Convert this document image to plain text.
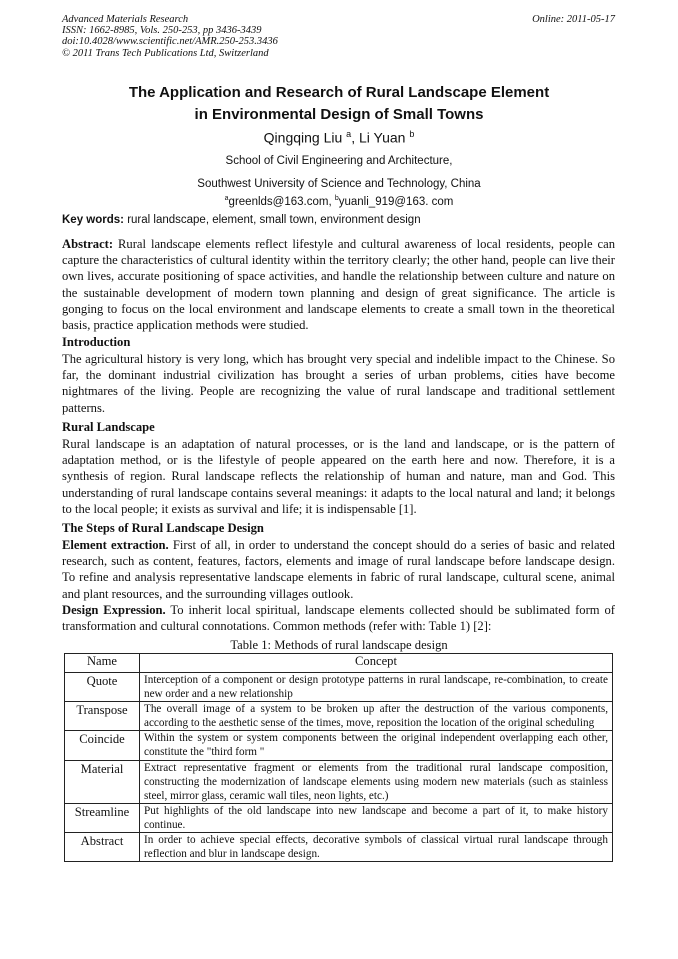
Advanced Materials Research
ISSN: 1662-8985, Vols. 250-253, pp 3436-3439
doi:10.4028/www.scientific.net/AMR.250-253.3436
© 2011 Trans Tech Publications Ltd, Switzerland
Online: 2011-05-17
The Application and Research of Rural Landscape Element
in Environmental Design of Small Towns
Qingqing Liu $^a$, Li Yuan $^b$
School of Civil Engineering and Architecture,
Southwest University of Science and Technology, China
$^a$greenlds@163.com, $^b$yuanli_919@163. com
Key words: rural landscape, element, small town, environment design
Abstract: Rural landscape elements reflect lifestyle and cultural awareness of local residents, people can capture the characteristics of cultural identity within the territory clearly; the other hand, people can live their own lives, accurate positioning of space activities, and handle the relationship between culture and nature on the sustainable development of modern town planning and design of great significance. The article is gonging to focus on the local environment and landscape elements to create a small town in the theoretical basis, practice application methods were studied.
Introduction
The agricultural history is very long, which has brought very special and indelible impact to the Chinese. So far, the dominant industrial civilization has brought a series of urban problems, cities have become nightmares of the living. People are recognizing the value of rural landscape and traditional settlement patterns.
Rural Landscape
Rural landscape is an adaptation of natural processes, or is the land and landscape, or is the pattern of adaptation method, or is the lifestyle of people appeared on the earth here and now. Therefore, it is a synthesis of region. Rural landscape reflects the relationship of human and nature, man and God. This understanding of rural landscape contains several meanings: it adapts to the local natural and land; it belongs to the local people; it exists as survival and life; it is indispensable [1].
The Steps of Rural Landscape Design
Element extraction. First of all, in order to understand the concept should do a series of basic and related research, such as content, features, factors, elements and image of rural landscape before landscape design. To refine and analysis representative landscape elements in fabric of rural landscape, cultural scene, animal and plant resources, and the surrounding villages outlook.
Design Expression. To inherit local spiritual, landscape elements collected should be sublimated form of transformation and cultural connotations. Common methods (refer with: Table 1) [2]:
Table 1: Methods of rural landscape design
Name	Concept
Quote	Interception of a component or design prototype patterns in rural landscape, re-combination, to create new order and a new relationship
Transpose	The overall image of a system to be broken up after the destruction of the various components, according to the aesthetic sense of the times, move, reposition the location of the original scheduling
Coincide	Within the system or system components between the original independent overlapping each other, constitute the "third form "
Material	Extract representative fragment or elements from the traditional rural landscape composition, constructing the modernization of landscape elements using modern new materials (such as stainless steel, mirror glass, ceramic wall tiles, neon lights, etc.)
Streamline	Put highlights of the old landscape into new landscape and become a part of it, to make history continue.
Abstract	In order to achieve special effects, decorative symbols of classical virtual rural landscape through reflection and blur in landscape design.
